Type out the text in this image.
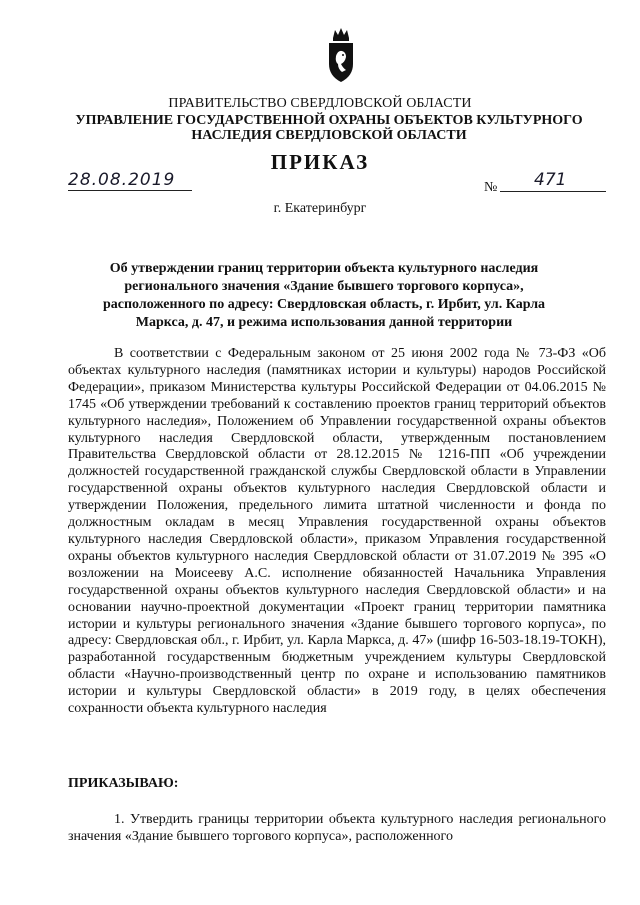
ПРАВИТЕЛЬСТВО СВЕРДЛОВСКОЙ ОБЛАСТИ
УПРАВЛЕНИЕ ГОСУДАРСТВЕННОЙ ОХРАНЫ ОБЪЕКТОВ КУЛЬТУРНОГО НАСЛЕДИЯ СВЕРДЛОВСКОЙ ОБЛАСТИ
ПРИКАЗ
28.08.2019	№ 471
г. Екатеринбург
Об утверждении границ территории объекта культурного наследия регионального значения «Здание бывшего торгового корпуса», расположенного по адресу: Свердловская область, г. Ирбит, ул. Карла Маркса, д. 47, и режима использования данной территории

В соответствии с Федеральным законом от 25 июня 2002 года № 73-ФЗ «Об объектах культурного наследия (памятниках истории и культуры) народов Российской Федерации», приказом Министерства культуры Российской Федерации от 04.06.2015 № 1745 «Об утверждении требований к составлению проектов границ территорий объектов культурного наследия», Положением об Управлении государственной охраны объектов культурного наследия Свердловской области, утвержденным постановлением Правительства Свердловской области от 28.12.2015 № 1216-ПП «Об учреждении должностей государственной гражданской службы Свердловской области в Управлении государственной охраны объектов культурного наследия Свердловской области и утверждении Положения, предельного лимита штатной численности и фонда по должностным окладам в месяц Управления государственной охраны объектов культурного наследия Свердловской области», приказом Управления государственной охраны объектов культурного наследия Свердловской области от 31.07.2019 № 395 «О возложении на Моисееву А.С. исполнение обязанностей Начальника Управления государственной охраны объектов культурного наследия Свердловской области» и на основании научно-проектной документации «Проект границ территории памятника истории и культуры регионального значения «Здание бывшего торгового корпуса», по адресу: Свердловская обл., г. Ирбит, ул. Карла Маркса, д. 47» (шифр 16-503-18.19-ТОКН), разработанной государственным бюджетным учреждением культуры Свердловской области «Научно-производственный центр по охране и использованию памятников истории и культуры Свердловской области» в 2019 году, в целях обеспечения сохранности объекта культурного наследия

ПРИКАЗЫВАЮ:

1. Утвердить границы территории объекта культурного наследия регионального значения «Здание бывшего торгового корпуса», расположенного
